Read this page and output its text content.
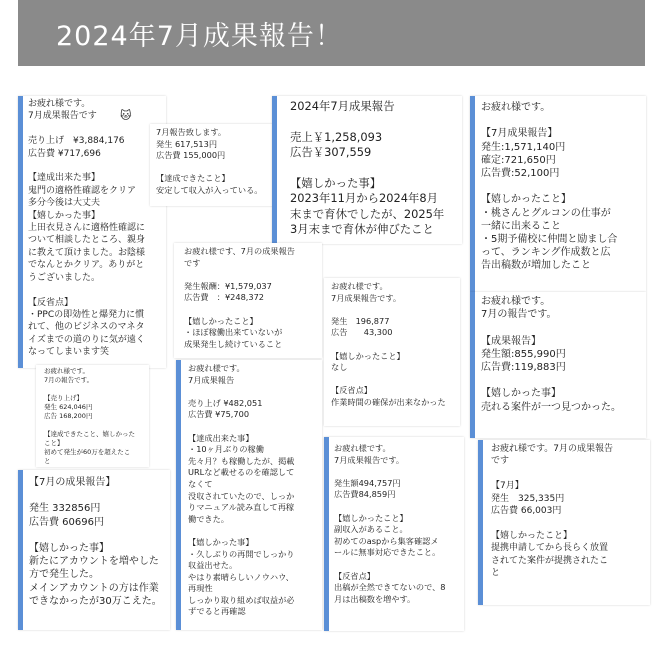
2024年7月成果報告！
お疲れ様です。
7月成果報告です

売り上げ　¥3,884,176
広告費 ¥717,696

【達成出来た事】
鬼門の適格性確認をクリア
多分今後は大丈夫
【嬉しかった事】
上田衣見さんに適格性確認に
ついて相談したところ、親身
に教えて頂けました。お陰様
でなんとかクリア。ありがと
うございました。

【反省点】
・PPCの即効性と爆発力に慣
れて、他のビジネスのマネタ
イズまでの道のりに気が遠く
なってしまいます笑
🐱
お疲れ様です。
7月の報告です。

【売り上げ】
発生 624,046円
広告 168,200円

【達成できたこと、嬉しかった
こと】
初めて発生が60万を超えたこ
と
【7月の成果報告】

発生 332856円
広告費 60696円

【嬉しかった事】
新たにアカウントを増やした
方で発生した。
メインアカウントの方は作業
できなかったが30万こえた。
7月報告致します。
発生 617,513円
広告費 155,000円

【達成できたこと】
安定して収入が入っている。
2024年7月成果報告

売上￥1,258,093
広告￥307,559

【嬉しかった事】
2023年11月から2024年8月
末まで育休でしたが、2025年
3月末まで育休が伸びたこと
お疲れ様です、7月の成果報告
です

発生報酬：¥1,579,037
広告費　：¥248,372

【嬉しかったこと】
・ほぼ稼働出来ていないが
成果発生し続けていること
お疲れ様です。
7月成果報告

売り上げ ¥482,051
広告費 ¥75,700

【達成出来た事】
・10ヶ月ぶりの稼働
先々月？も稼働したが、掲載
URLなど載せるのを確認して
なくて
没収されていたので、しっか
りマニュアル読み直して再稼
働できた。

【嬉しかった事】
・久しぶりの再開でしっかり
収益出せた。
やはり素晴らしいノウハウ、
再現性
しっかり取り組めば収益が必
ずでると再確認
お疲れ様です。
7月成果報告です。

発生　196,877
広告　　43,300

【嬉しかったこと】
なし

【反省点】
作業時間の確保が出来なかった
お疲れ様です。
7月成果報告です。

発生額494,757円
広告費84,859円

【嬉しかったこと】
副収入があること。
初めてのaspから集客確認メ
ールに無事対応できたこと。

【反省点】
出稿が全然できてないので、8
月は出稿数を増やす。
お疲れ様です。

【7月成果報告】
発生:1,571,140円
確定:721,650円
広告費:52,100円

【嬉しかったこと】
・桃さんとグルコンの仕事が
一緒に出来ること
・5期予備校に仲間と励まし合
って、ランキング作成数と広
告出稿数が増加したこと
お疲れ様です。
7月の報告です。

【成果報告】
発生額:855,990円
広告費:119,883円

【嬉しかった事】
売れる案件が一つ見つかった。
お疲れ様です。7月の成果報告
です

【7月】
発生　325,335円
広告費 66,003円

【嬉しかったこと】
提携申請してから長らく放置
されてた案件が提携されたこ
と
